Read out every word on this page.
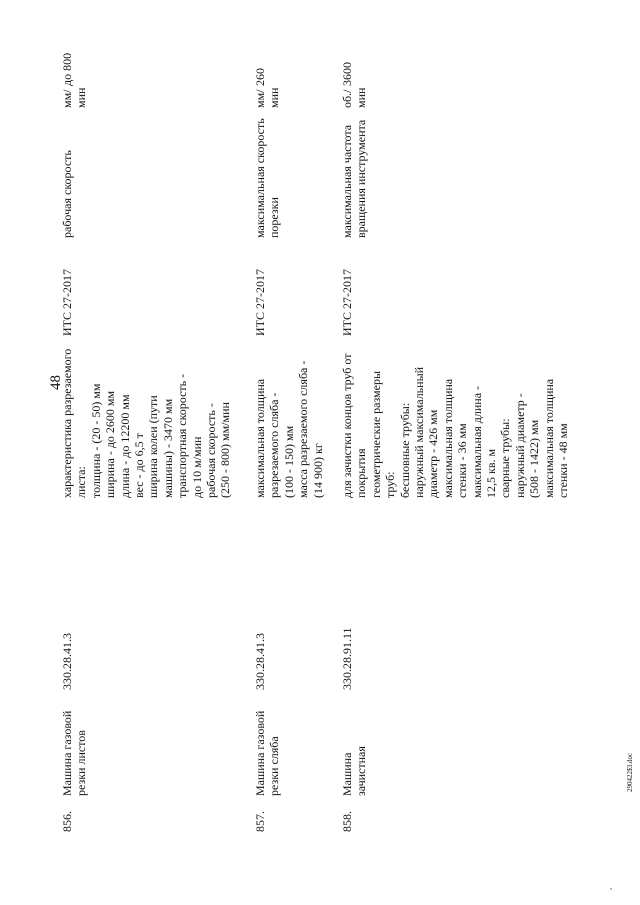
48
856.
Машина газовой
резки листов
330.28.41.3
характеристика разрезаемого
листа:
толщина - (20 - 50) мм
ширина - до 2600 мм
длина - до 12200 мм
вес - до 6,5 т
ширина колеи (пути
машины) - 3470 мм
транспортная скорость -
до 10 м/мин
рабочая скорость -
(250 - 800) мм/мин
ИТС 27-2017
рабочая скорость
мм/
мин
до 800
857.
Машина газовой
резки слябa
330.28.41.3
максимальная толщина
разрезаемого слябa -
(100 - 150) мм
масса разрезаемого слябa -
(14 900) кг
ИТС 27-2017
максимальная скорость
порезки
мм/
мин
260
858.
Машина
зачистная
330.28.91.11
для зачистки концов труб от
покрытия
геометрические размеры труб:
бесшовные трубы:
наружный максимальный
диаметр - 426 мм
максимальная толщина
стенки - 36 мм
максимальная длина -
12,5 кв. м
сварные трубы:
наружный диаметр -
(508 - 1422) мм
максимальная толщина
стенки - 48 мм
ИТС 27-2017
максимальная частота
вращения инструмента
об./
мин
3600
290422El.doc
